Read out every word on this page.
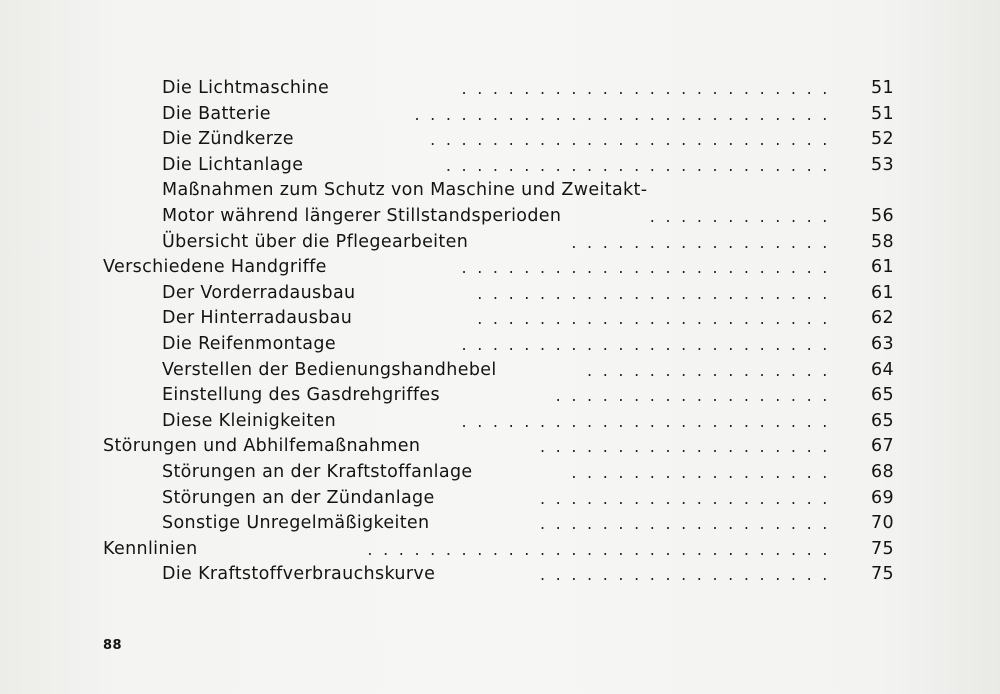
Die Lichtmaschine	........................ 51
Die Batterie	........................... 51
Die Zündkerze	.......................... 52
Die Lichtanlage	......................... 53
Maßnahmen zum Schutz von Maschine und Zweitakt-
Motor während längerer Stillstandsperioden	............ 56
Übersicht über die Pflegearbeiten	................. 58
Verschiedene Handgriffe	........................ 61
Der Vorderradausbau	....................... 61
Der Hinterradausbau	....................... 62
Die Reifenmontage	........................ 63
Verstellen der Bedienungshandhebel	................ 64
Einstellung des Gasdrehgriffes	.................. 65
Diese Kleinigkeiten	........................ 65
Störungen und Abhilfemaßnahmen	................... 67
Störungen an der Kraftstoffanlage	................. 68
Störungen an der Zündanlage	................... 69
Sonstige Unregelmäßigkeiten	................... 70
Kennlinien	.............................. 75
Die Kraftstoffverbrauchskurve	................... 75
88
